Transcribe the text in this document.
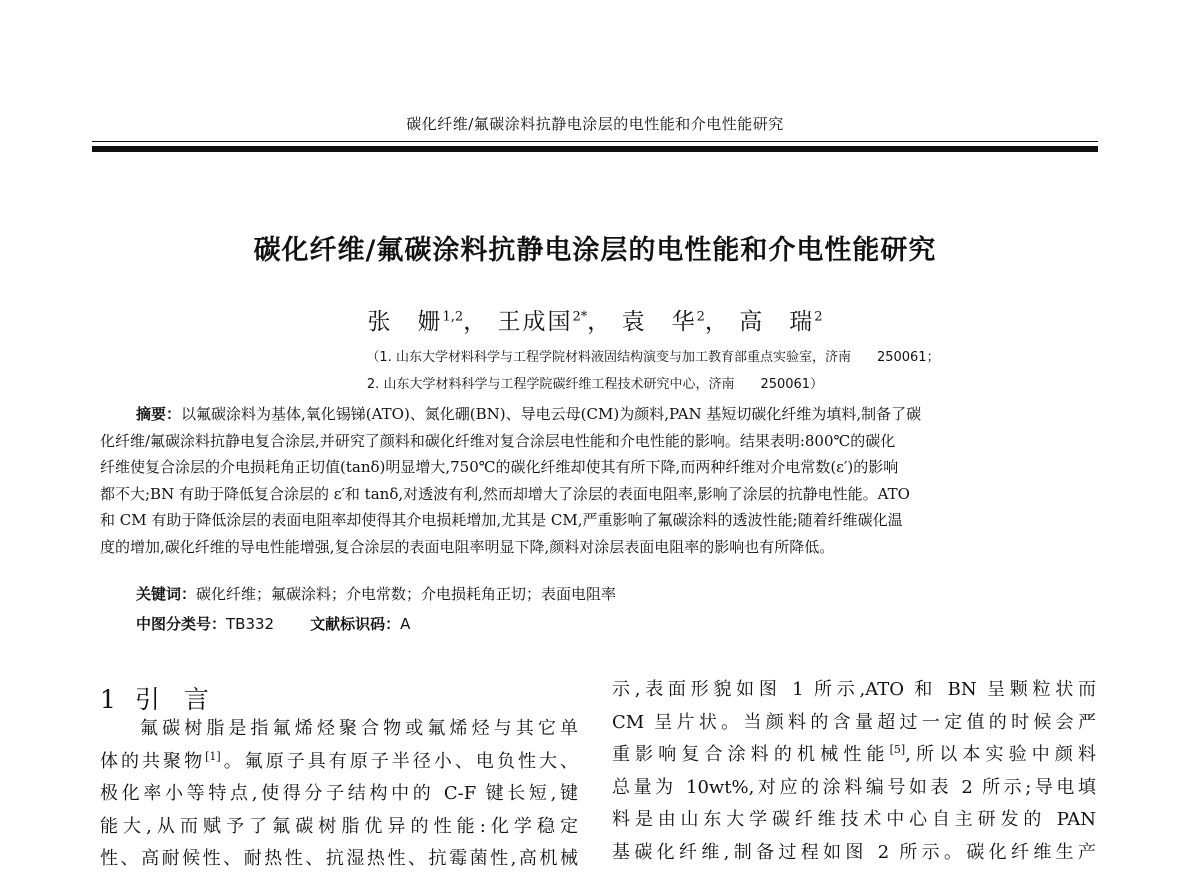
碳化纤维/氟碳涂料抗静电涂层的电性能和介电性能研究
碳化纤维/氟碳涂料抗静电涂层的电性能和介电性能研究
张　姗$^{1,2}$， 王成国$^{2*}$， 袁　华$^2$， 高　瑞$^2$
（1. 山东大学材料科学与工程学院材料液固结构演变与加工教育部重点实验室，济南　　250061；
2. 山东大学材料科学与工程学院碳纤维工程技术研究中心，济南　　250061）
摘要：以氟碳涂料为基体,氧化锡锑(ATO)、氮化硼(BN)、导电云母(CM)为颜料,PAN 基短切碳化纤维为填料,制备了碳
化纤维/氟碳涂料抗静电复合涂层,并研究了颜料和碳化纤维对复合涂层电性能和介电性能的影响。结果表明:800℃的碳化
纤维使复合涂层的介电损耗角正切值(tanδ)明显增大,750℃的碳化纤维却使其有所下降,而两种纤维对介电常数(ε′)的影响
都不大;BN 有助于降低复合涂层的 ε′和 tanδ,对透波有利,然而却增大了涂层的表面电阻率,影响了涂层的抗静电性能。ATO
和 CM 有助于降低涂层的表面电阻率却使得其介电损耗增加,尤其是 CM,严重影响了氟碳涂料的透波性能;随着纤维碳化温
度的增加,碳化纤维的导电性能增强,复合涂层的表面电阻率明显下降,颜料对涂层表面电阻率的影响也有所降低。
关键词：碳化纤维；氟碳涂料；介电常数；介电损耗角正切；表面电阻率
中图分类号：TB332 文献标识码：A
1 引言
氟碳树脂是指氟烯烃聚合物或氟烯烃与其它单
体的共聚物[1]。氟原子具有原子半径小、电负性大、
极化率小等特点,使得分子结构中的 C-F 键长短,键
能大,从而赋予了氟碳树脂优异的性能:化学稳定
性、高耐候性、耐热性、抗湿热性、抗霉菌性,高机械
示,表面形貌如图 1 所示,ATO 和 BN 呈颗粒状而
CM 呈片状。当颜料的含量超过一定值的时候会严
重影响复合涂料的机械性能[5],所以本实验中颜料
总量为 10wt%,对应的涂料编号如表 2 所示;导电填
料是由山东大学碳纤维技术中心自主研发的 PAN
基碳化纤维,制备过程如图 2 所示。碳化纤维生产
